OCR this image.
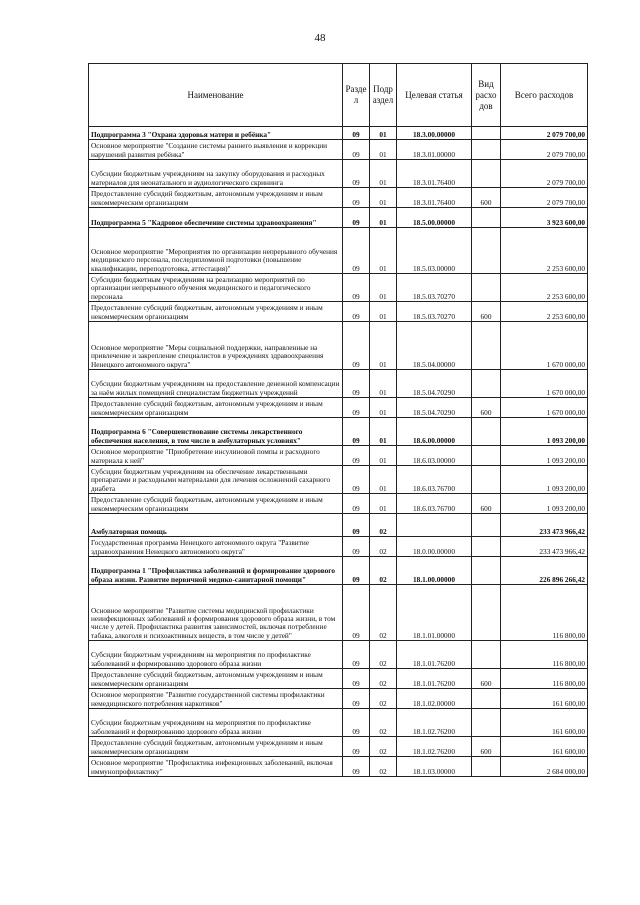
48
Наименование	Разде л	Подр аздел	Целевая статья	Вид расхо дов	Всего расходов
Подпрограмма 3 "Охрана здоровья матери и ребёнка"	09	01	18.3.00.00000		2 079 700,00
Основное мероприятие "Создание системы раннего выявления и коррекции нарушений развития ребёнка"	09	01	18.3.01.00000		2 079 700,00
Субсидии бюджетным учреждениям на закупку оборудования и расходных материалов для неонатального и аудиологического скрининга	09	01	18.3.01.76400		2 079 700,00
Предоставление субсидий бюджетным, автономным учреждениям и иным некоммерческим организациям	09	01	18.3.01.76400	600	2 079 700,00
Подпрограмма 5 "Кадровое обеспечение системы здравоохранения"	09	01	18.5.00.00000		3 923 600,00
Основное мероприятие "Мероприятия по организации непрерывного обучения медицинского персонала, последипломной подготовки (повышение квалификации, переподготовка, аттестация)"	09	01	18.5.03.00000		2 253 600,00
Субсидии бюджетным учреждениям на реализацию мероприятий по организации непрерывного обучения медицинского и педагогического персонала	09	01	18.5.03.70270		2 253 600,00
Предоставление субсидий бюджетным, автономным учреждениям и иным некоммерческим организациям	09	01	18.5.03.70270	600	2 253 600,00
Основное мероприятие "Меры социальной поддержки, направленные на привлечение и закрепление специалистов в учреждениях здравоохранения Ненецкого автономного округа"	09	01	18.5.04.00000		1 670 000,00
Субсидии бюджетным учреждениям на предоставление денежной компенсации за наём жилых помещений специалистам бюджетных учреждений	09	01	18.5.04.70290		1 670 000,00
Предоставление субсидий бюджетным, автономным учреждениям и иным некоммерческим организациям	09	01	18.5.04.70290	600	1 670 000,00
Подпрограмма 6 "Совершенствование системы лекарственного обеспечения населения, в том числе в амбулаторных условиях"	09	01	18.6.00.00000		1 093 200,00
Основное мероприятие "Приобретение инсулиновой помпы и расходного материала к ней"	09	01	18.6.03.00000		1 093 200,00
Субсидии бюджетным учреждениям на обеспечение лекарственными препаратами и расходными материалами для лечения осложнений сахарного диабета	09	01	18.6.03.76700		1 093 200,00
Предоставление субсидий бюджетным, автономным учреждениям и иным некоммерческим организациям	09	01	18.6.03.76700	600	1 093 200,00
Амбулаторная помощь	09	02			233 473 966,42
Государственная программа Ненецкого автономного округа "Развитие здравоохранения Ненецкого автономного округа"	09	02	18.0.00.00000		233 473 966,42
Подпрограмма 1 "Профилактика заболеваний и формирование здорового образа жизни. Развитие первичной медико-санитарной помощи"	09	02	18.1.00.00000		226 896 266,42
Основное мероприятие "Развитие системы медицинской профилактики неинфекционных заболеваний и формирования здорового образа жизни, в том числе у детей. Профилактика развития зависимостей, включая потребление табака, алкоголя и психоактивных веществ, в том числе у детей"	09	02	18.1.01.00000		116 800,00
Субсидии бюджетным учреждениям на мероприятия по профилактике заболеваний и формированию здорового образа жизни	09	02	18.1.01.76200		116 800,00
Предоставление субсидий бюджетным, автономным учреждениям и иным некоммерческим организациям	09	02	18.1.01.76200	600	116 800,00
Основное мероприятие "Развитие государственной системы профилактики немедицинского потребления наркотиков"	09	02	18.1.02.00000		161 600,00
Субсидии бюджетным учреждениям на мероприятия по профилактике заболеваний и формированию здорового образа жизни	09	02	18.1.02.76200		161 600,00
Предоставление субсидий бюджетным, автономным учреждениям и иным некоммерческим организациям	09	02	18.1.02.76200	600	161 600,00
Основное мероприятие "Профилактика инфекционных заболеваний, включая иммунопрофилактику"	09	02	18.1.03.00000		2 684 000,00
